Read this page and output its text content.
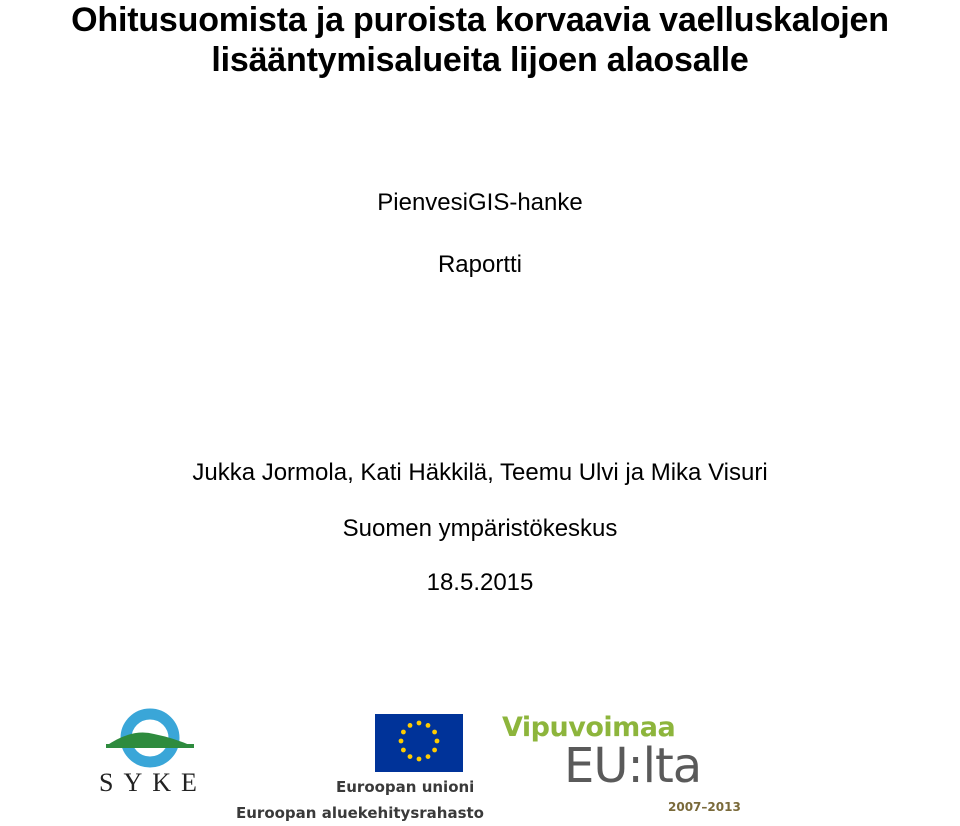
Ohitusuomista ja puroista korvaavia vaelluskalojen
lisääntymisalueita lijoen alaosalle
PienvesiGIS-hanke
Raportti
Jukka Jormola, Kati Häkkilä, Teemu Ulvi ja Mika Visuri
Suomen ympäristökeskus
18.5.2015
SYKE	Euroopan unioni
Euroopan aluekehitysrahasto
Vipuvoimaa
EU:lta
2007–2013
